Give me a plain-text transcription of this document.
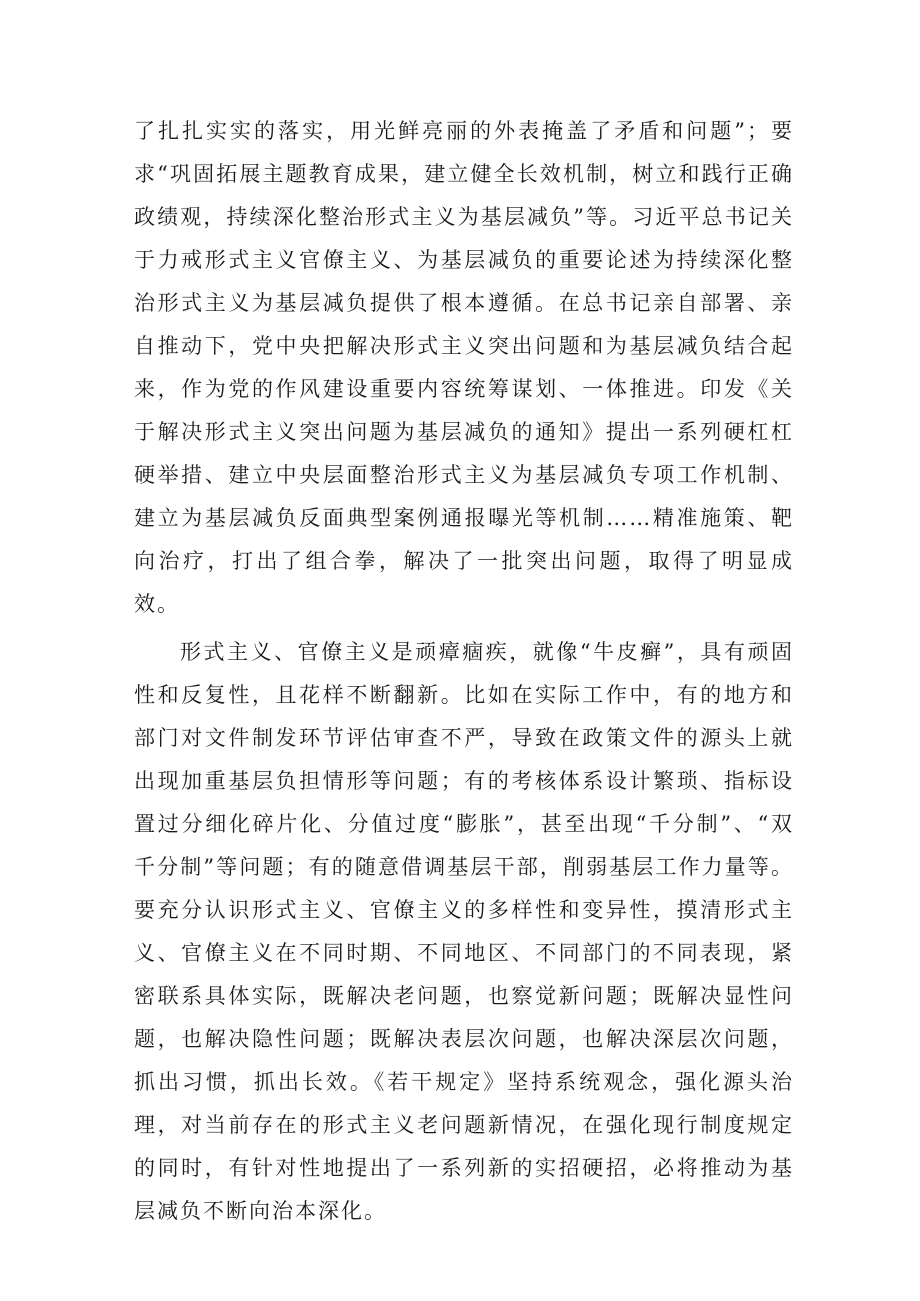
了扎扎实实的落实，用光鲜亮丽的外表掩盖了矛盾和问题”；要求“巩固拓展主题教育成果，建立健全长效机制，树立和践行正确政绩观，持续深化整治形式主义为基层减负”等。习近平总书记关于力戒形式主义官僚主义、为基层减负的重要论述为持续深化整治形式主义为基层减负提供了根本遵循。在总书记亲自部署、亲自推动下，党中央把解决形式主义突出问题和为基层减负结合起来，作为党的作风建设重要内容统筹谋划、一体推进。印发《关于解决形式主义突出问题为基层减负的通知》提出一系列硬杠杠硬举措、建立中央层面整治形式主义为基层减负专项工作机制、建立为基层减负反面典型案例通报曝光等机制……精准施策、靶向治疗，打出了组合拳，解决了一批突出问题，取得了明显成效。

形式主义、官僚主义是顽瘴痼疾，就像“牛皮癣”，具有顽固性和反复性，且花样不断翻新。比如在实际工作中，有的地方和部门对文件制发环节评估审查不严，导致在政策文件的源头上就出现加重基层负担情形等问题；有的考核体系设计繁琐、指标设置过分细化碎片化、分值过度“膨胀”，甚至出现“千分制”、“双千分制”等问题；有的随意借调基层干部，削弱基层工作力量等。要充分认识形式主义、官僚主义的多样性和变异性，摸清形式主义、官僚主义在不同时期、不同地区、不同部门的不同表现，紧密联系具体实际，既解决老问题，也察觉新问题；既解决显性问题，也解决隐性问题；既解决表层次问题，也解决深层次问题，抓出习惯，抓出长效。《若干规定》坚持系统观念，强化源头治理，对当前存在的形式主义老问题新情况，在强化现行制度规定的同时，有针对性地提出了一系列新的实招硬招，必将推动为基层减负不断向治本深化。
